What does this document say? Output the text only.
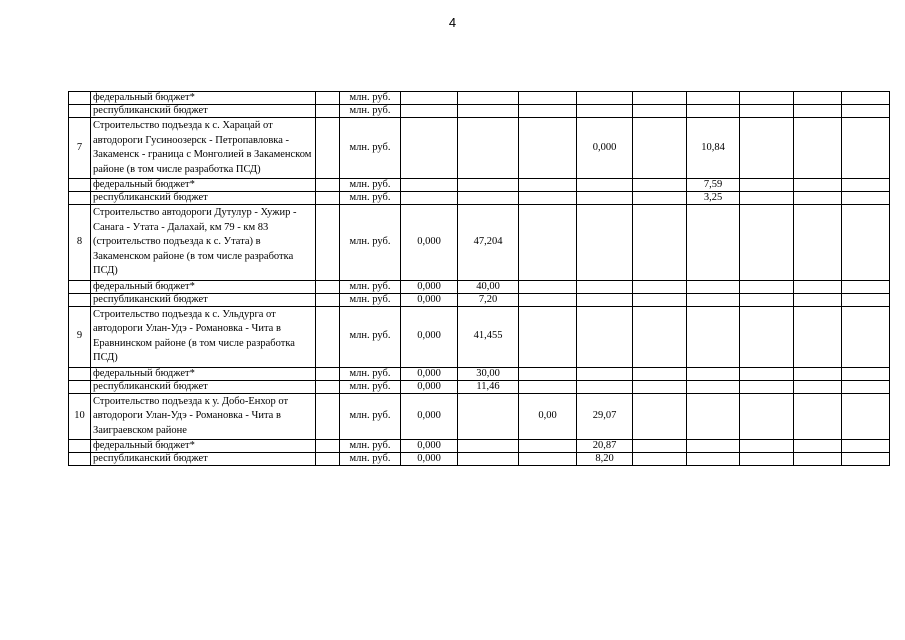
4
	федеральный бюджет*		млн. руб.									
	республиканский бюджет		млн. руб.									
7	Строительство подъезда к с. Харацай от автодороги Гусиноозерск - Петропавловка - Закаменск - граница с Монголией в Закаменском районе (в том числе разработка ПСД)		млн. руб.				0,000		10,84			
	федеральный бюджет*		млн. руб.						7,59			
	республиканский бюджет		млн. руб.						3,25			
8	Строительство автодороги Дутулур - Хужир - Санага - Утата - Далахай, км 79 - км 83 (строительство подъезда к с. Утата) в Закаменском районе (в том числе разработка ПСД)		млн. руб.	0,000	47,204							
	федеральный бюджет*		млн. руб.	0,000	40,00							
	республиканский бюджет		млн. руб.	0,000	7,20							
9	Строительство подъезда к с. Ульдурга от автодороги Улан-Удэ - Романовка - Чита в Еравнинском районе (в том числе разработка ПСД)		млн. руб.	0,000	41,455							
	федеральный бюджет*		млн. руб.	0,000	30,00							
	республиканский бюджет		млн. руб.	0,000	11,46							
10	Строительство подъезда к у. Добо-Енхор от автодороги Улан-Удэ - Романовка - Чита в Заиграевском районе		млн. руб.	0,000		0,00	29,07					
	федеральный бюджет*		млн. руб.	0,000			20,87					
	республиканский бюджет		млн. руб.	0,000			8,20					
